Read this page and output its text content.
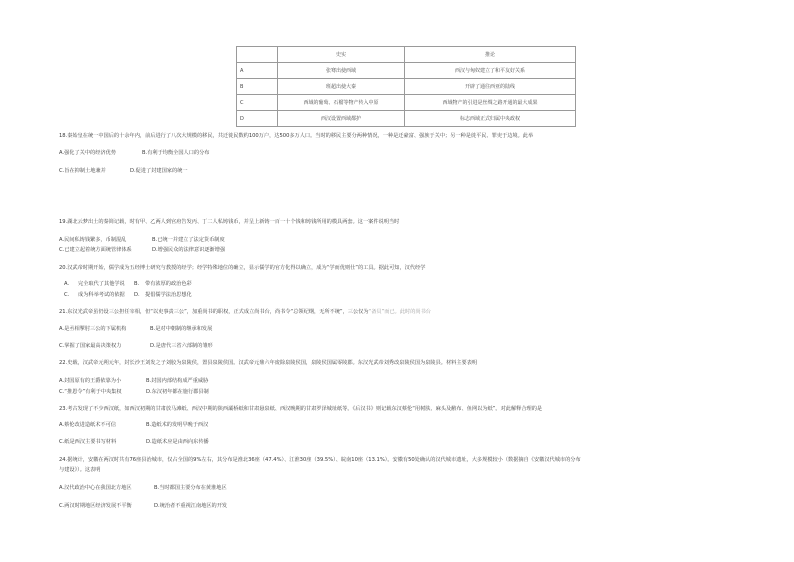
	史实	推论
A	张骞出使西域	西汉与匈奴建立了和平友好关系
B	班超出使大秦	开辟了通往西亚的陆线
C	西域的葡萄、石榴等物产传入中原	西域物产的引进是丝绸之路开通的最大成果
D	西汉设置西域都护	标志西域正式归属中央政权
18.秦始皇在统一中国后的十余年内，前后进行了八次大规模的移民，共迁徙民数约100万户，达500多万人口。当时的移民主要分两种情况，一种是迁豪富、强族于关中；另一种是徙平民、罪吏于边境。此举
A.强化了关中的经济优势	B.有利于均衡全国人口的分布
C.旨在抑制土地兼并	D.促进了封建国家的统一
19.湖北云梦出土的秦简记载，时有甲、乙两人到官府告发丙、丁二人私铸钱币，并呈上新铸一百一十个钱和铸钱所用的模具两套。这一案件说明当时
A.民间私铸钱繁多，币制混乱	B.已统一并建立了法定货币制度
C.已建立起着统方面统管律体系	D.增强民众的法律意识逐渐增强
20.汉武帝时期开始，儒学成为五经博士研究与教授的经学；经学特殊地位的确立，显示儒学的官方化得以确立，成为“学而优则仕”的工具。据此可知，汉代经学
A. 完全取代了其他学说 B. 带有浓厚的政治色彩
C. 成为科举考试的依据 D. 提倡儒学法治思想化
21.东汉光武帝虽仍设三公担任宰相，但“以吏事责三公”，加重尚书的职权，正式成立尚书台，尚书令“总领纪纲，无所不统”，三公仅为“备员”而已。此时的尚书台
A.是丞相掣肘三公的下属机构	B.是对中朝制的继承和发展
C.掌握了国家最高决策权力	D.是唐代三省六部制的雏形
22.史载，汉武帝元朔元年，封长沙王刘发之子刘胶为泉陵侯，置县泉陵侯国。汉武帝元鼎六年废除泉陵侯国，泉陵侯国属零陵郡。东汉光武帝刘秀改泉陵侯国为泉陵县。材料主要表明
A.封国原有的王爵依靠为小	B.封国内部结构成严重威胁
C.“推恩令”有利于中央集权	D.东汉初年都在施行郡县制
23.考古发现了不少西汉纸，如西汉初期的甘肃放马滩纸、西汉中期的陕西灞桥纸和甘肃悬泉纸、西汉晚期的甘肃罗泽城址纸等。《后汉书》则记载东汉蔡伦“用树肤、麻头及敝布、鱼网以为纸”。对此解释合理的是
A.蔡伦改进造纸术不可信	B.造纸术的发明早晚于西汉
C.纸是西汉主要书写材料	D.造纸术应是由西向东传播
24.据统计，安徽在两汉时共有76座县治城市，仅占全国的9%左右，其分布是淮北36座（47.4%）、江淮30座（39.5%）、皖南10座（13.1%）。安徽有50处确认的汉代城市遗址，大多规模较小（数据摘自《安徽汉代城市的分布
与建设》）。这表明
A.汉代政治中心在我国北方地区	B.当时都国主要分布在黄淮地区
C.两汉时期地区经济发展不平衡	D.统治者不重视江南地区的开发
